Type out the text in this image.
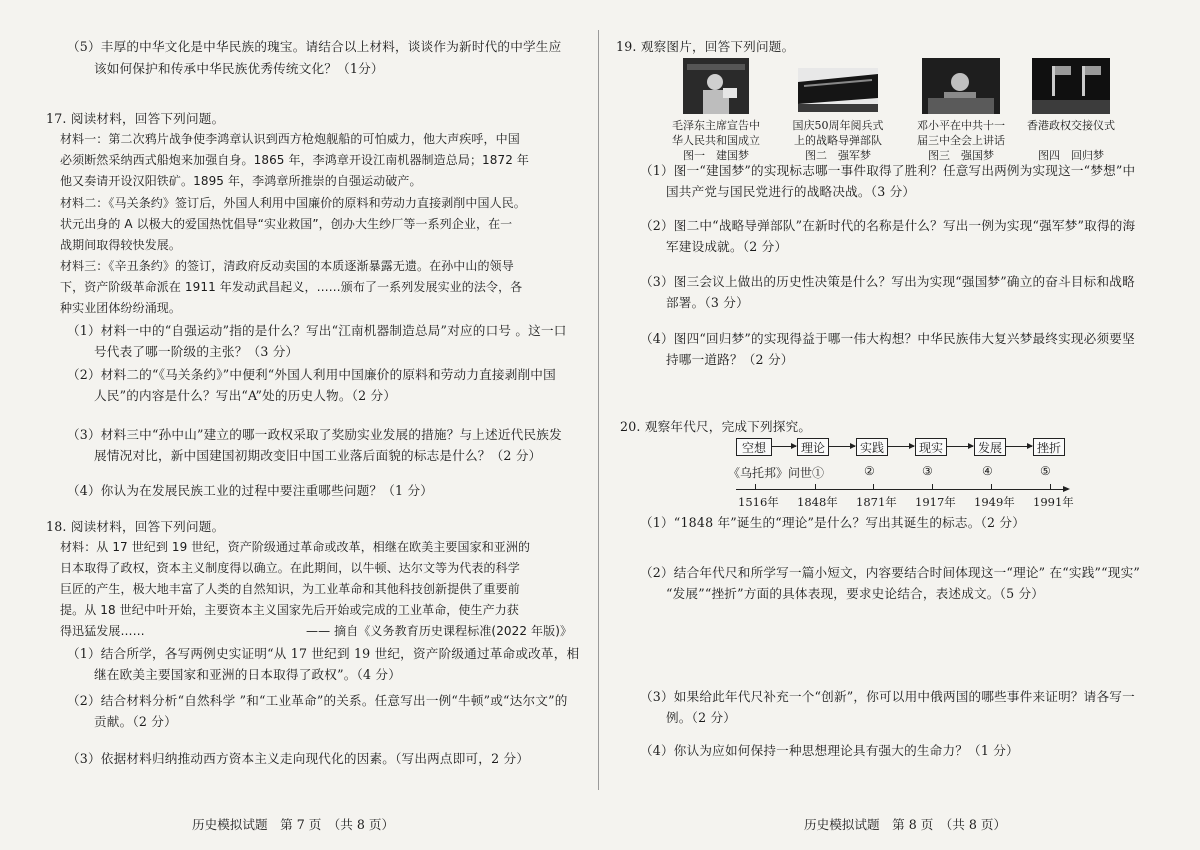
（5）丰厚的中华文化是中华民族的瑰宝。请结合以上材料，谈谈作为新时代的中学生应
该如何保护和传承中华民族优秀传统文化？（1分）
17. 阅读材料，回答下列问题。
材料一：第二次鸦片战争使李鸿章认识到西方枪炮舰船的可怕威力，他大声疾呼，中国
必须断然采纳西式船炮来加强自身。1865 年，李鸿章开设江南机器制造总局；1872 年
他又奏请开设汉阳铁矿。1895 年，李鸿章所推崇的自强运动破产。
材料二：《马关条约》签订后，外国人利用中国廉价的原料和劳动力直接剥削中国人民。
状元出身的 A 以极大的爱国热忱倡导“实业救国”，创办大生纱厂等一系列企业，在一
战期间取得较快发展。
材料三：《辛丑条约》的签订，清政府反动卖国的本质逐渐暴露无遗。在孙中山的领导
下，资产阶级革命派在 1911 年发动武昌起义，……颁布了一系列发展实业的法令，各
种实业团体纷纷涌现。
（1）材料一中的“自强运动”指的是什么？写出“江南机器制造总局”对应的口号 。这一口
号代表了哪一阶级的主张？（3 分）
（2）材料二的“《马关条约》”中便利“外国人利用中国廉价的原料和劳动力直接剥削中国
人民”的内容是什么？写出“A”处的历史人物。（2 分）
（3）材料三中“孙中山”建立的哪一政权采取了奖励实业发展的措施？与上述近代民族发
展情况对比，新中国建国初期改变旧中国工业落后面貌的标志是什么？（2 分）
（4）你认为在发展民族工业的过程中要注重哪些问题？（1 分）
18. 阅读材料，回答下列问题。
材料：从 17 世纪到 19 世纪，资产阶级通过革命或改革，相继在欧美主要国家和亚洲的
日本取得了政权，资本主义制度得以确立。在此期间，以牛顿、达尔文等为代表的科学
巨匠的产生，极大地丰富了人类的自然知识，为工业革命和其他科技创新提供了重要前
提。从 18 世纪中叶开始，主要资本主义国家先后开始或完成的工业革命，使生产力获
得迅猛发展……	—— 摘自《义务教育历史课程标准(2022 年版)》
（1）结合所学，各写两例史实证明“从 17 世纪到 19 世纪，资产阶级通过革命或改革，相
继在欧美主要国家和亚洲的日本取得了政权”。（4 分）
（2）结合材料分析“自然科学 ”和“工业革命”的关系。任意写出一例“牛顿”或“达尔文”的
贡献。（2 分）
（3）依据材料归纳推动西方资本主义走向现代化的因素。（写出两点即可，2 分）
历史模拟试题　第 7 页　（共 8 页）
19. 观察图片，回答下列问题。
毛泽东主席宣告中
华人民共和国成立
图一　建国梦
国庆50周年阅兵式
上的战略导弹部队
图二　强军梦
邓小平在中共十一
届三中全会上讲话
图三　强国梦
香港政权交接仪式
图四　回归梦
（1）图一“建国梦”的实现标志哪一事件取得了胜利？任意写出两例为实现这一“梦想”中
国共产党与国民党进行的战略决战。（3 分）
（2）图二中“战略导弹部队”在新时代的名称是什么？写出一例为实现“强军梦”取得的海
军建设成就。（2 分）
（3）图三会议上做出的历史性决策是什么？写出为实现“强国梦”确立的奋斗目标和战略
部署。（3 分）
（4）图四“回归梦”的实现得益于哪一伟大构想？中华民族伟大复兴梦最终实现必须要坚
持哪一道路？（2 分）
20. 观察年代尺，完成下列探究。
（1）“1848 年”诞生的“理论”是什么？写出其诞生的标志。（2 分）
（2）结合年代尺和所学写一篇小短文，内容要结合时间体现这一“理论” 在“实践”“现实”
“发展”“挫折”方面的具体表现，要求史论结合，表述成文。（5 分）
（3）如果给此年代尺补充一个“创新”，你可以用中俄两国的哪些事件来证明？请各写一
例。（2 分）
（4）你认为应如何保持一种思想理论具有强大的生命力？（1 分）
历史模拟试题　第 8 页　（共 8 页）
空想	理论	实践	现实	发展	挫折
《乌托邦》问世①	②	③	④	⑤
1516年 1848年 1871年 1917年 1949年 1991年
